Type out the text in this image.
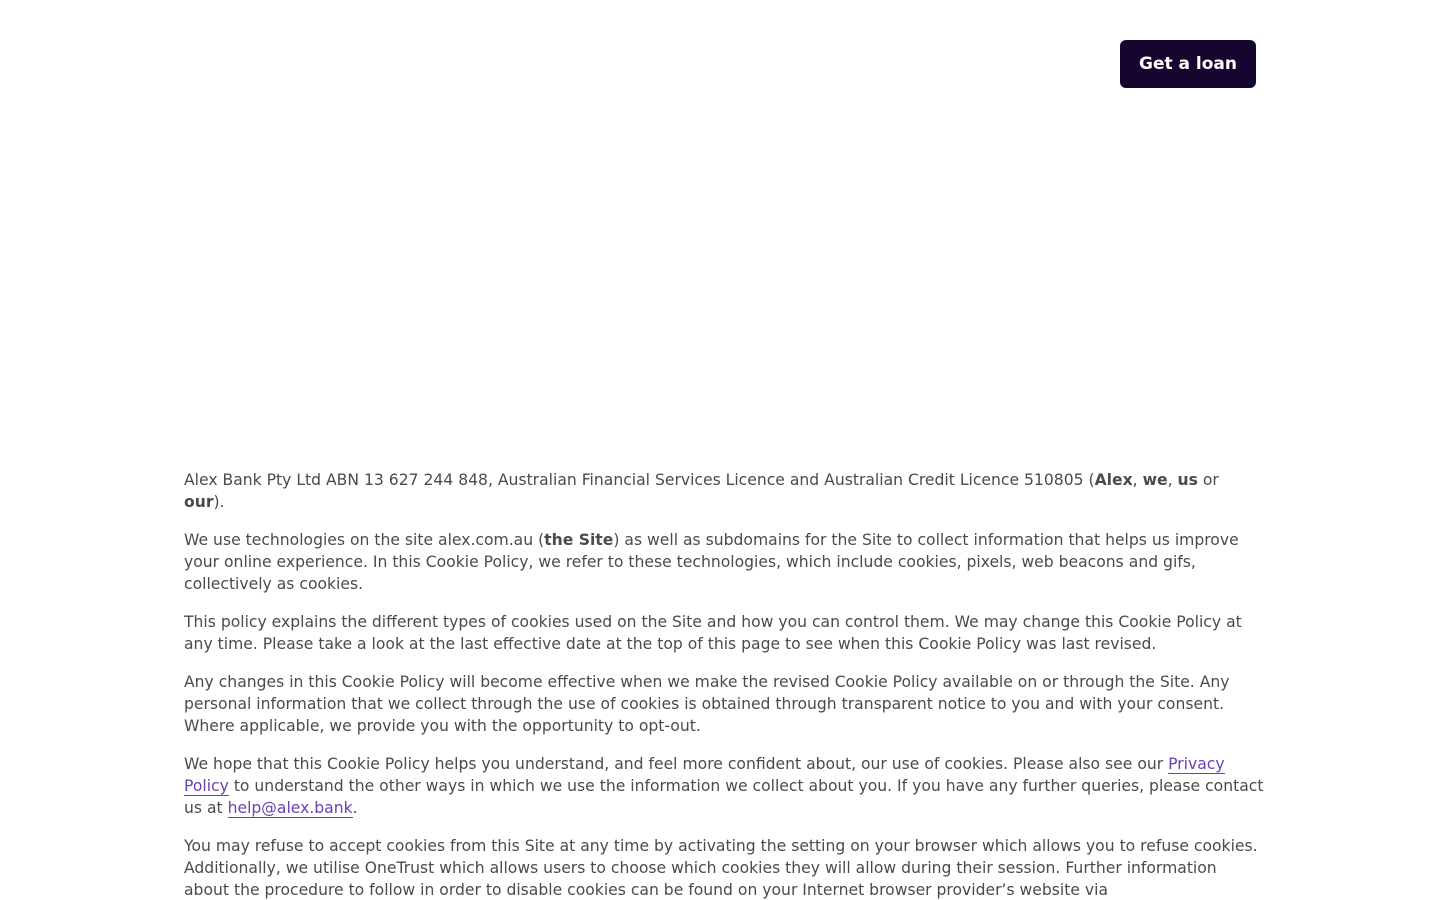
Get a loan

Alex Bank Pty Ltd ABN 13 627 244 848, Australian Financial Services Licence and Australian Credit Licence 510805 (Alex, we, us or our).

We use technologies on the site alex.com.au (the Site) as well as subdomains for the Site to collect information that helps us improve your online experience. In this Cookie Policy, we refer to these technologies, which include cookies, pixels, web beacons and gifs, collectively as cookies.

This policy explains the different types of cookies used on the Site and how you can control them. We may change this Cookie Policy at any time. Please take a look at the last effective date at the top of this page to see when this Cookie Policy was last revised.

Any changes in this Cookie Policy will become effective when we make the revised Cookie Policy available on or through the Site. Any personal information that we collect through the use of cookies is obtained through transparent notice to you and with your consent. Where applicable, we provide you with the opportunity to opt-out.

We hope that this Cookie Policy helps you understand, and feel more confident about, our use of cookies. Please also see our Privacy Policy to understand the other ways in which we use the information we collect about you. If you have any further queries, please contact us at help@alex.bank.

You may refuse to accept cookies from this Site at any time by activating the setting on your browser which allows you to refuse cookies. Additionally, we utilise OneTrust which allows users to choose which cookies they will allow during their session. Further information about the procedure to follow in order to disable cookies can be found on your Internet browser provider’s website via
